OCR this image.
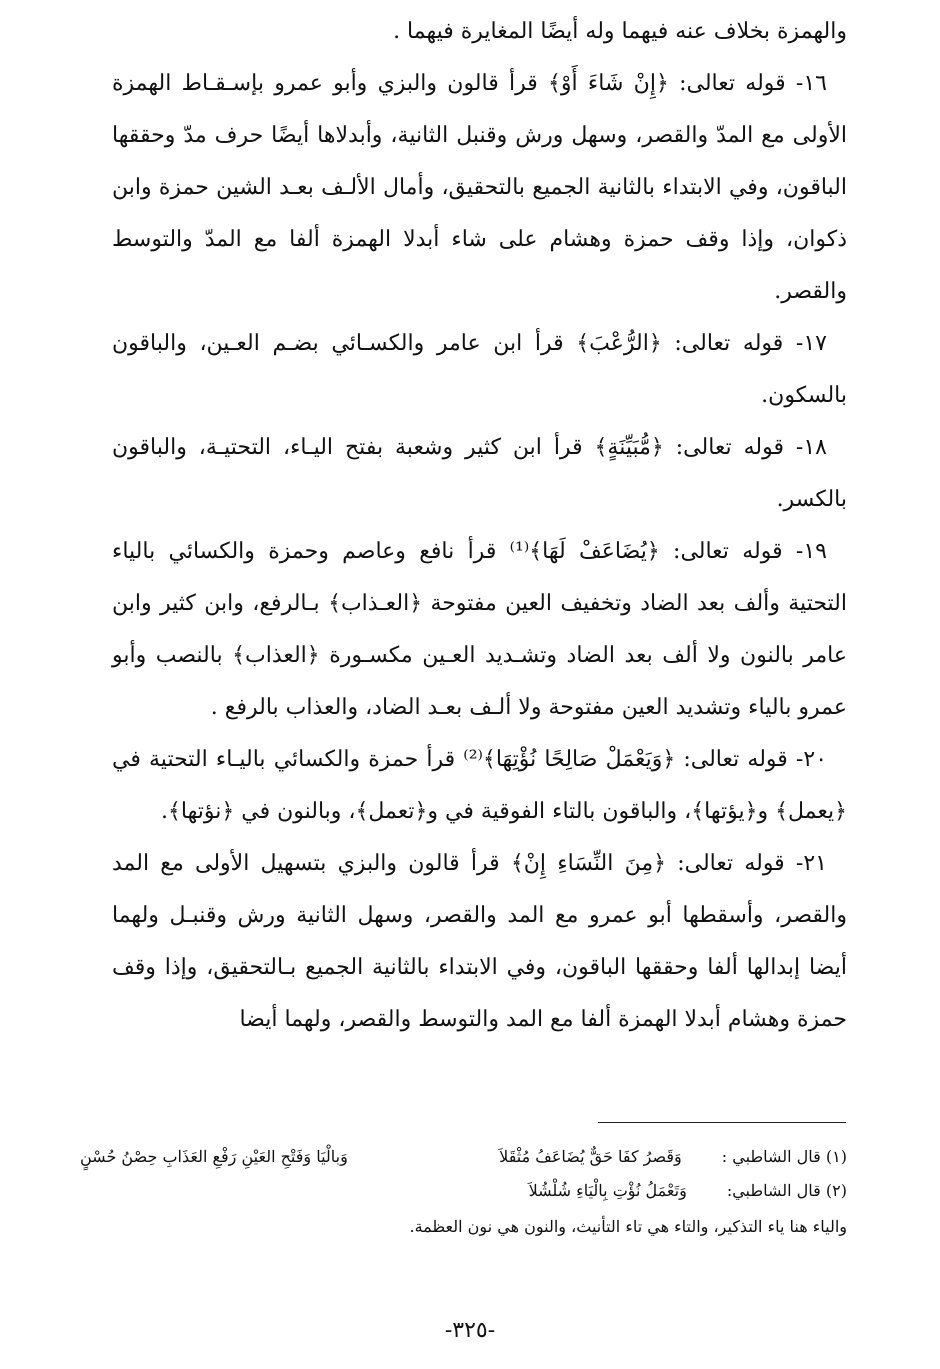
والهمزة بخلاف عنه فيهما وله أيضًا المغايرة فيهما .

١٦- قوله تعالى: ﴿إِنْ شَاءَ أَوْ﴾ قرأ قالون والبزي وأبو عمرو بإسـقـاط الهمزة الأولى مع المدّ والقصر، وسهل ورش وقنبل الثانية، وأبدلاها أيضًا حرف مدّ وحققها الباقون، وفي الابتداء بالثانية الجميع بالتحقيق، وأمال الألـف بعـد الشين حمزة وابن ذكوان، وإذا وقف حمزة وهشام على شاء أبدلا الهمزة ألفا مع المدّ والتوسط والقصر.

١٧- قوله تعالى: ﴿الرُّعْبَ﴾ قرأ ابن عامر والكسـائي بضـم العـين، والباقون بالسكون.

١٨- قوله تعالى: ﴿مُّبَيِّنَةٍ﴾ قرأ ابن كثير وشعبة بفتح اليـاء، التحتيـة، والباقون بالكسر.

١٩- قوله تعالى: ﴿يُضَاعَفْ لَهَا﴾⁽¹⁾ قرأ نافع وعاصم وحمزة والكسائي بالياء التحتية وألف بعد الضاد وتخفيف العين مفتوحة ﴿العـذاب﴾ بـالرفع، وابن كثير وابن عامر بالنون ولا ألف بعد الضاد وتشـديد العـين مكسـورة ﴿العذاب﴾ بالنصب وأبو عمرو بالياء وتشديد العين مفتوحة ولا ألـف بعـد الضاد، والعذاب بالرفع .

٢٠- قوله تعالى: ﴿وَيَعْمَلْ صَالِحًا نُؤْتِهَا﴾⁽²⁾ قرأ حمزة والكسائي باليـاء التحتية في ﴿يعمل﴾ و﴿يؤتها﴾، والباقون بالتاء الفوقية في و﴿تعمل﴾، وبالنون في ﴿نؤتها﴾.

٢١- قوله تعالى: ﴿مِنَ النِّسَاءِ إِنْ﴾ قرأ قالون والبزي بتسهيل الأولى مع المد والقصر، وأسقطها أبو عمرو مع المد والقصر، وسهل الثانية ورش وقنبـل ولهما أيضا إبدالها ألفا وحققها الباقون، وفي الابتداء بالثانية الجميع بـالتحقيق، وإذا وقف حمزة وهشام أبدلا الهمزة ألفا مع المد والتوسط والقصر، ولهما أيضا

(١) قال الشاطبي :
وَقَصرُ كفَا حَقٌّ يُضَاعَفُ مُثْقَلاَ
وَبالْيَا وَفَتْحِ العَيْنِ رَفْعِ العَذَابِ حِصْنُ حُسْنٍ
(٢) قال الشاطبي:
وَتَعْمَلُ نُؤْتِ بِالْيَاءِ شُلْشُلاَ
والياء هنا ياء التذكير، والتاء هي تاء التأنيث، والنون هي نون العظمة.
-٣٢٥-
